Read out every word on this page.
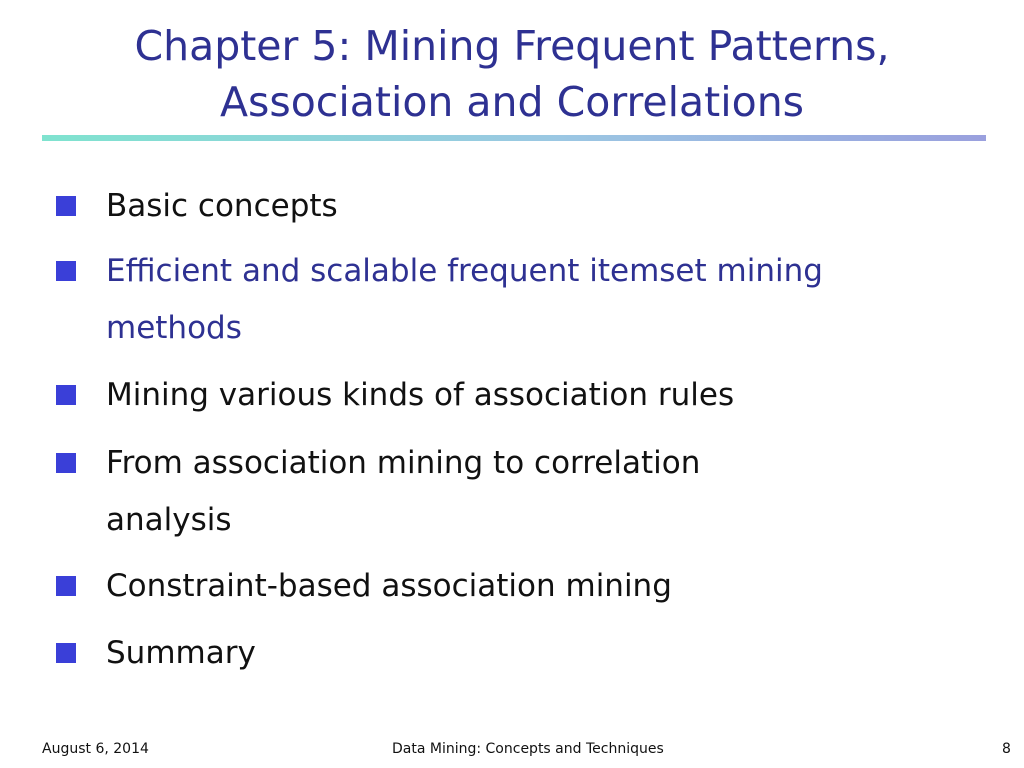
Chapter 5: Mining Frequent Patterns,
Association and Correlations
Basic concepts
Efficient and scalable frequent itemset mining methods
Mining various kinds of association rules
From association mining to correlation analysis
Constraint-based association mining
Summary
August 6, 2014	Data Mining: Concepts and Techniques	8
